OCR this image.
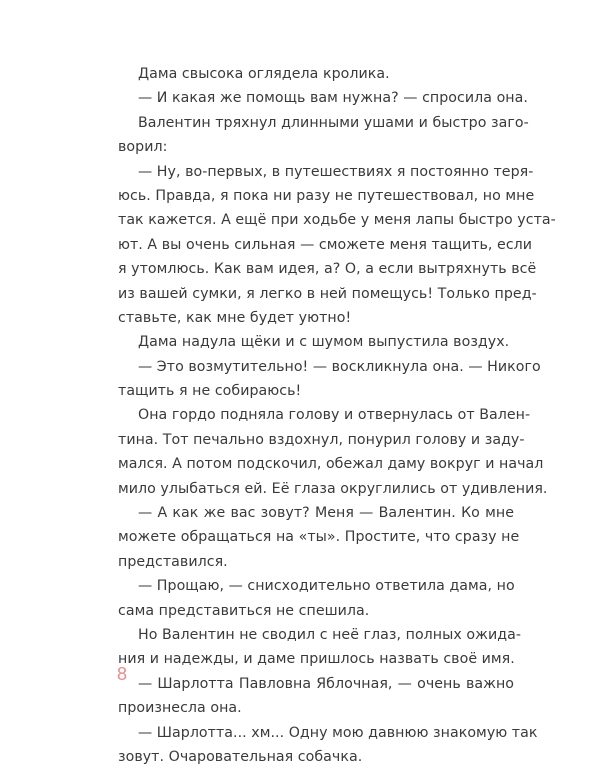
Дама свысока оглядела кролика.
— И какая же помощь вам нужна? — спросила она.
Валентин тряхнул длинными ушами и быстро заго-
ворил:
— Ну, во-первых, в путешествиях я постоянно теря-
юсь. Правда, я пока ни разу не путешествовал, но мне
так кажется. А ещё при ходьбе у меня лапы быстро уста-
ют. А вы очень сильная — сможете меня тащить, если
я утомлюсь. Как вам идея, а? О, а если вытряхнуть всё
из вашей сумки, я легко в ней помещусь! Только пред-
ставьте, как мне будет уютно!
Дама надула щёки и с шумом выпустила воздух.
— Это возмутительно! — воскликнула она. — Никого
тащить я не собираюсь!
Она гордо подняла голову и отвернулась от Вален-
тина. Тот печально вздохнул, понурил голову и заду-
мался. А потом подскочил, обежал даму вокруг и начал
мило улыбаться ей. Её глаза округлились от удивления.
— А как же вас зовут? Меня — Валентин. Ко мне
можете обращаться на «ты». Простите, что сразу не
представился.
— Прощаю, — снисходительно ответила дама, но
сама представиться не спешила.
Но Валентин не сводил с неё глаз, полных ожида-
ния и надежды, и даме пришлось назвать своё имя.
— Шарлотта Павловна Яблочная, — очень важно
произнесла она.
— Шарлотта... хм... Одну мою давнюю знакомую так
зовут. Очаровательная собачка.
8
